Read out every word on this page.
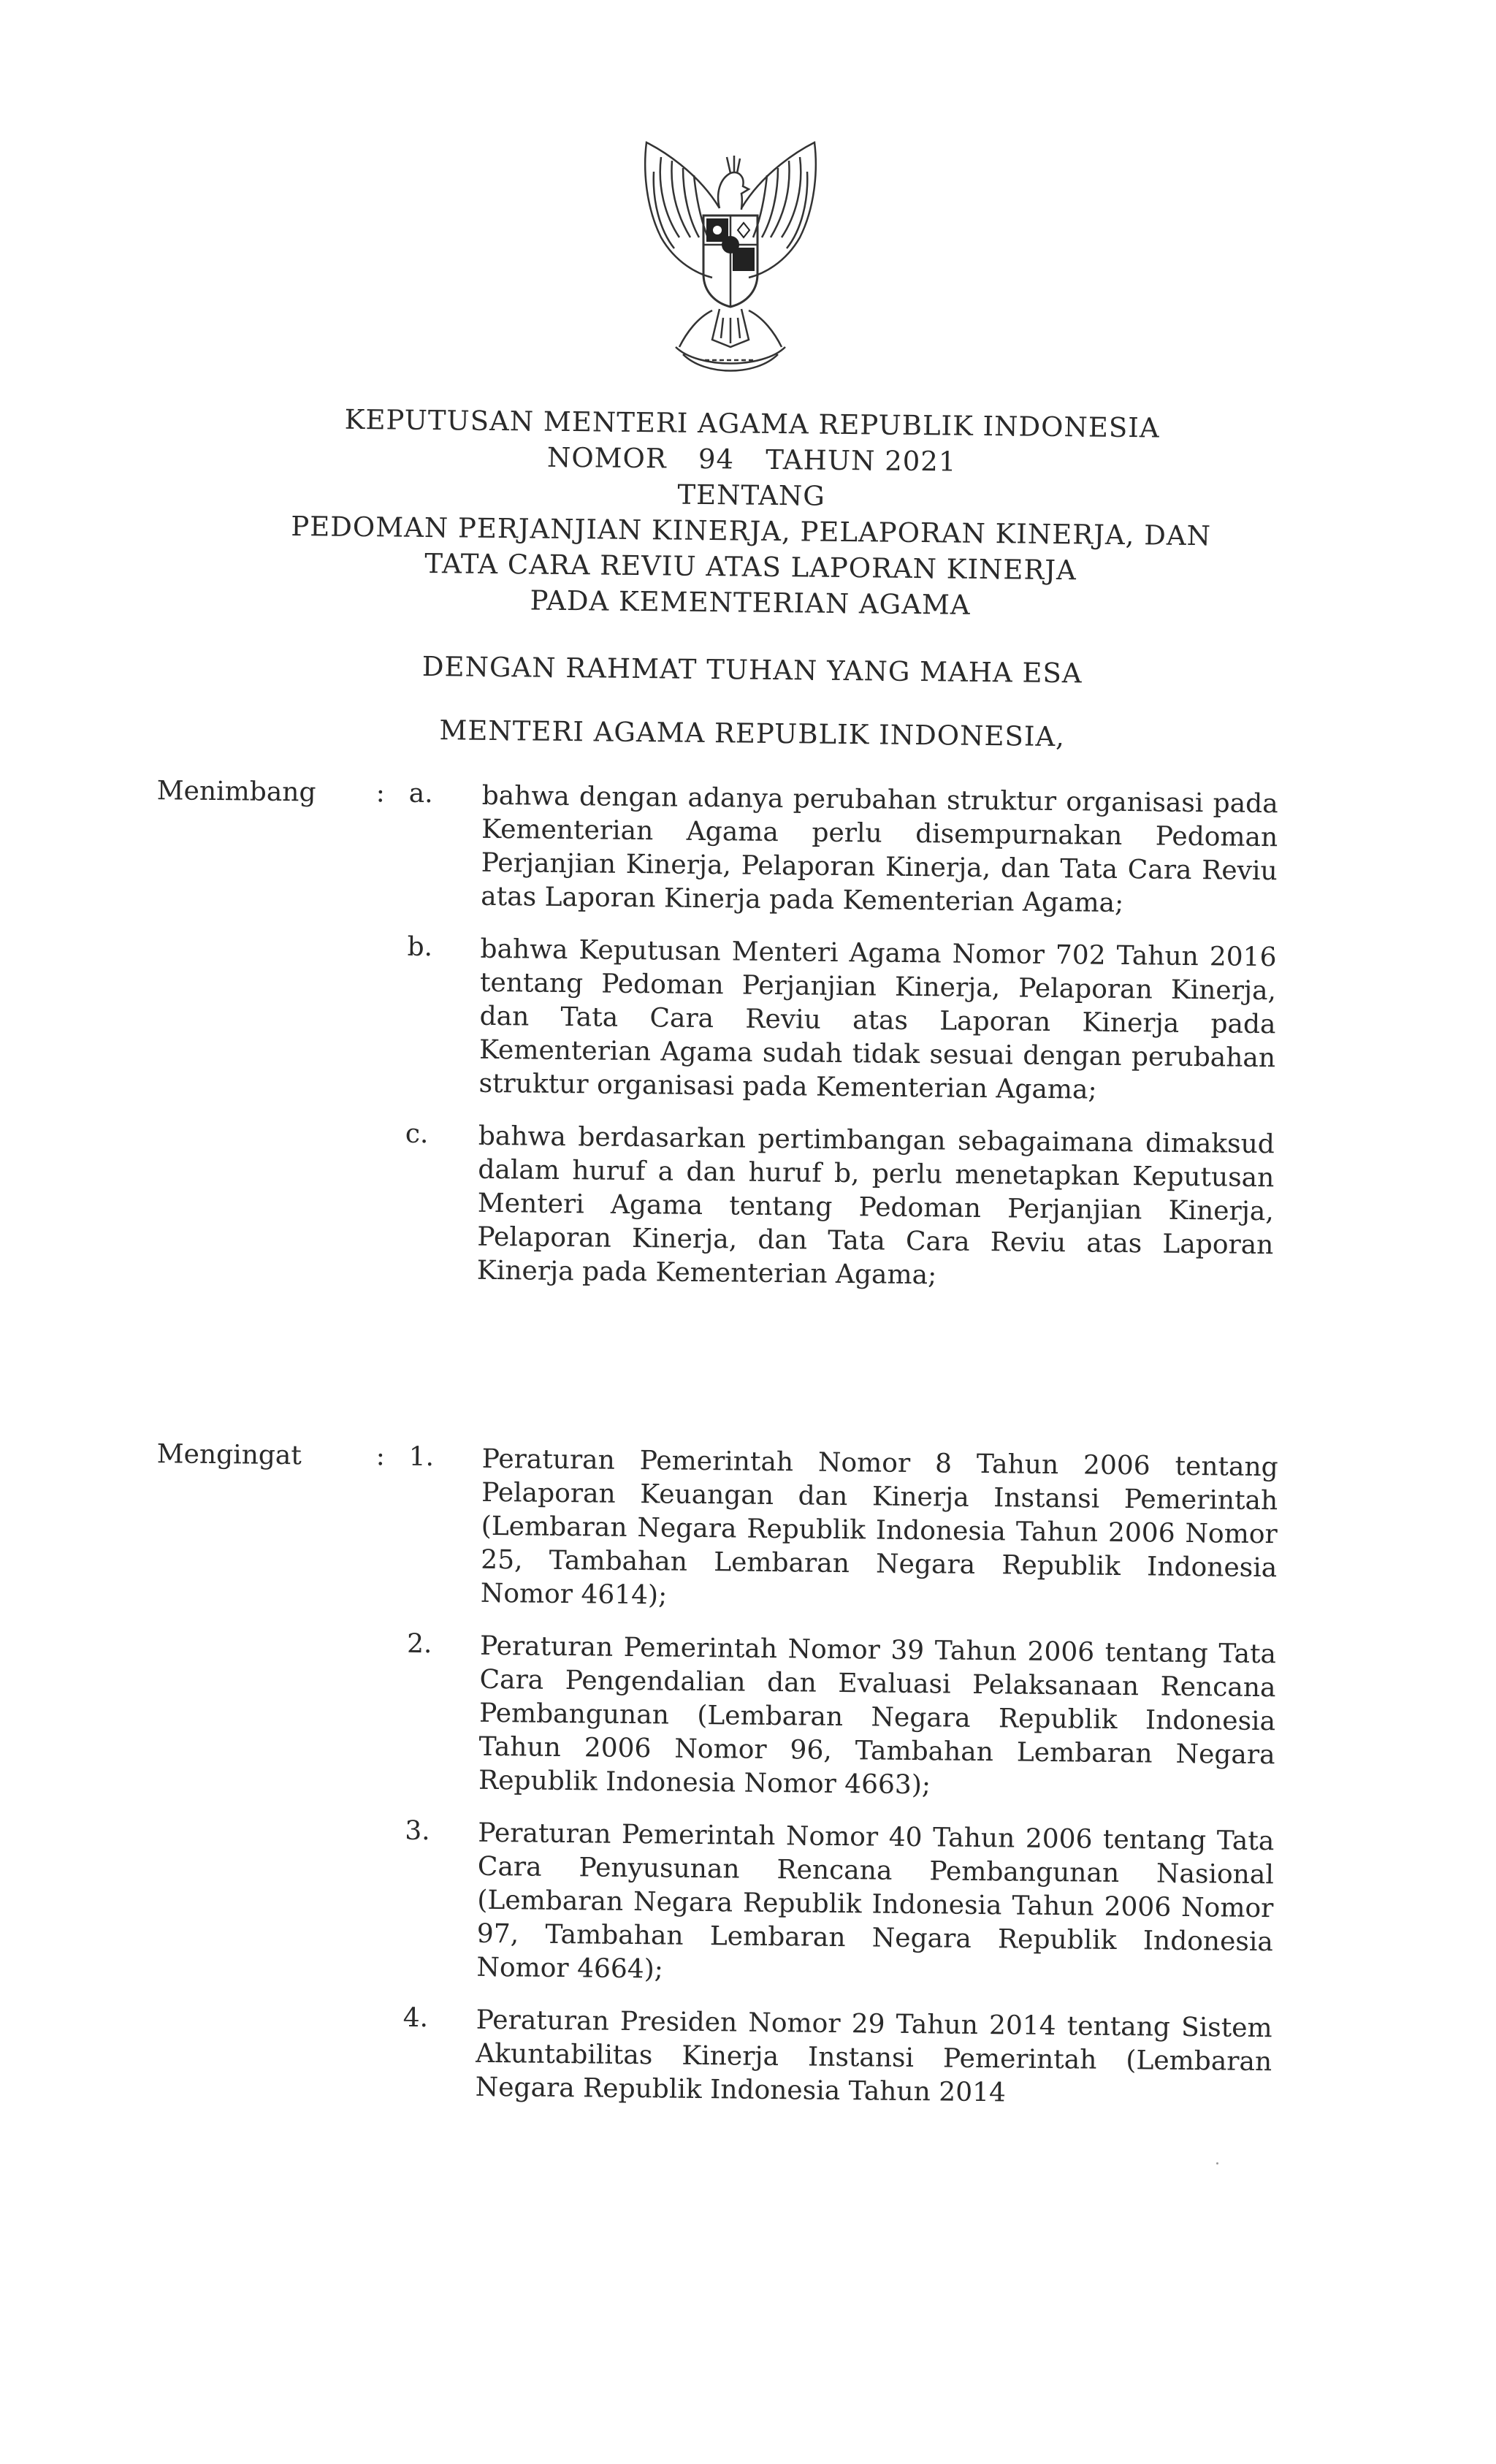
KEPUTUSAN MENTERI AGAMA REPUBLIK INDONESIA
NOMOR 94 TAHUN 2021
TENTANG
PEDOMAN PERJANJIAN KINERJA, PELAPORAN KINERJA, DAN
TATA CARA REVIU ATAS LAPORAN KINERJA
PADA KEMENTERIAN AGAMA
DENGAN RAHMAT TUHAN YANG MAHA ESA
MENTERI AGAMA REPUBLIK INDONESIA,
Menimbang : a. bahwa dengan adanya perubahan struktur organisasi pada Kementerian Agama perlu disempurnakan Pedoman Perjanjian Kinerja, Pelaporan Kinerja, dan Tata Cara Reviu atas Laporan Kinerja pada Kementerian Agama;
b. bahwa Keputusan Menteri Agama Nomor 702 Tahun 2016 tentang Pedoman Perjanjian Kinerja, Pelaporan Kinerja, dan Tata Cara Reviu atas Laporan Kinerja pada Kementerian Agama sudah tidak sesuai dengan perubahan struktur organisasi pada Kementerian Agama;
c. bahwa berdasarkan pertimbangan sebagaimana dimaksud dalam huruf a dan huruf b, perlu menetapkan Keputusan Menteri Agama tentang Pedoman Perjanjian Kinerja, Pelaporan Kinerja, dan Tata Cara Reviu atas Laporan Kinerja pada Kementerian Agama;
Mengingat	: 1. Peraturan Pemerintah Nomor 8 Tahun 2006 tentang Pelaporan Keuangan dan Kinerja Instansi Pemerintah (Lembaran Negara Republik Indonesia Tahun 2006 Nomor 25, Tambahan Lembaran Negara Republik Indonesia Nomor 4614);
2. Peraturan Pemerintah Nomor 39 Tahun 2006 tentang Tata Cara Pengendalian dan Evaluasi Pelaksanaan Rencana Pembangunan (Lembaran Negara Republik Indonesia Tahun 2006 Nomor 96, Tambahan Lembaran Negara Republik Indonesia Nomor 4663);
3. Peraturan Pemerintah Nomor 40 Tahun 2006 tentang Tata Cara Penyusunan Rencana Pembangunan Nasional (Lembaran Negara Republik Indonesia Tahun 2006 Nomor 97, Tambahan Lembaran Negara Republik Indonesia Nomor 4664);
4. Peraturan Presiden Nomor 29 Tahun 2014 tentang Sistem Akuntabilitas Kinerja Instansi Pemerintah (Lembaran Negara Republik Indonesia Tahun 2014
